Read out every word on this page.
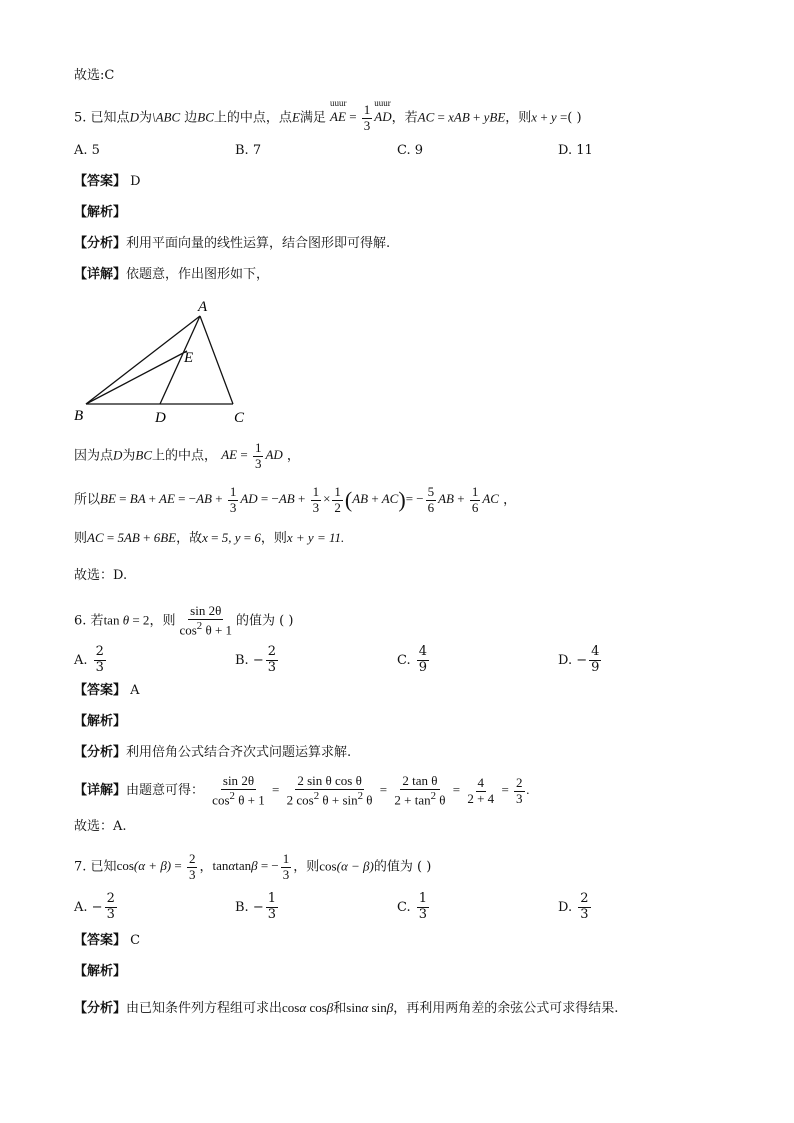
故选:C
5. 已知点D为\ABC 边BC上的中点，点E满足 AE
uuur
= $\frac{1}{3}$ AD
uuur
，若AC = xAB + yBE，则x + y =( )
A. 5	B. 7	C. 9	D. 11
【答案】 D
【解析】
【分析】利用平面向量的线性运算，结合图形即可得解.
【详解】依题意，作出图形如下，
A
E
B	D	C
因为点D为BC上的中点， AE = $\frac{1}{3}$ AD ，
所以BE = BA + AE = $-AB + \frac{1}{3}$ AD = $-AB + \frac{1}{3} \times \frac{1}{2} (AB + AC)= - \frac{5}{6}$ AB + $\frac{1}{6}$ AC ，
则AC = 5AB + 6BE，故x = 5, y = 6，则x + y = 11.
故选：D.
6. 若tan θ = 2，则 $\frac{\sin 2\theta}{\cos^2 \theta + 1}$ 的值为 ( )
A. $\frac{2}{3}$	B. − $\frac{2}{3}$	C. $\frac{4}{9}$	D. − $\frac{4}{9}$
【答案】 A
【解析】
【分析】利用倍角公式结合齐次式问题运算求解.
【详解】由题意可得： $\frac{\sin 2\theta}{\cos^2 \theta + 1} = \frac{\text{2 sin θ cos θ}}{2 \cos^2 \theta + \sin^2 \theta} = \frac{\text{2 tan θ}}{2 + \tan^2 \theta} = \frac{4}{2 + 4} = \frac{2}{3}$ .
故选：A.
7. 已知$\cos(\alpha + \beta) = \frac{2}{3}$ ，tanαtanβ = − $\frac{1}{3}$ ，则cos(α − β)的值为 ( )
A. − $\frac{2}{3}$	B. − $\frac{1}{3}$	C. $\frac{1}{3}$	D. $\frac{2}{3}$
【答案】 C
【解析】
【分析】由已知条件列方程组可求出cosα cosβ和sinα sinβ，再利用两角差的余弦公式可求得结果.
